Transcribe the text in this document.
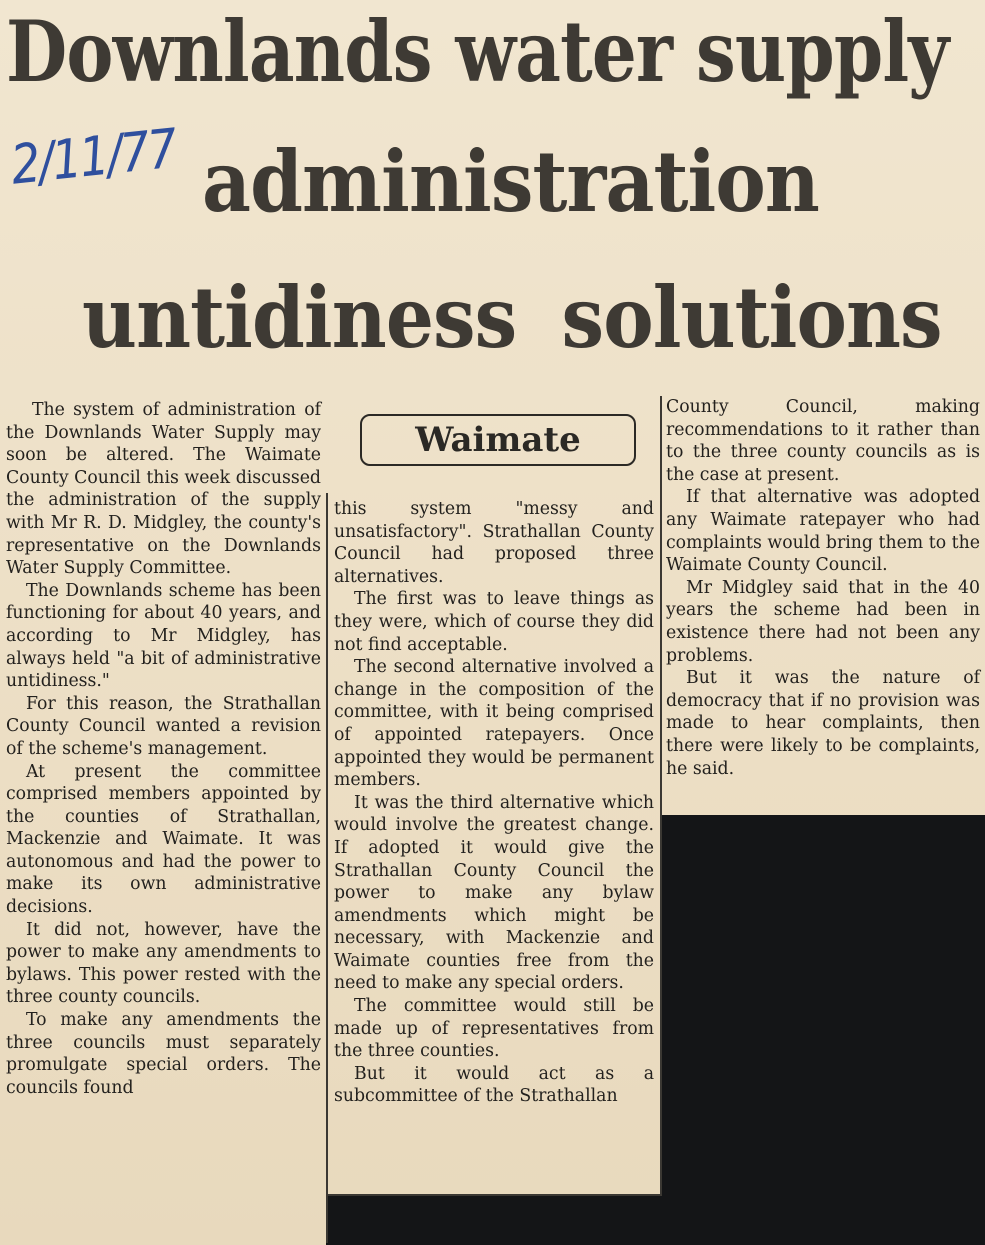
Downlands water supply
administration
untidiness solutions
2/11/77
Waimate

The system of administration of the Downlands Water Supply may soon be altered. The Waimate County Council this week discussed the administration of the supply with Mr R. D. Midgley, the county's representative on the Downlands Water Supply Committee.

The Downlands scheme has been functioning for about 40 years, and according to Mr Midgley, has always held "a bit of administrative untidiness."

For this reason, the Strathallan County Council wanted a revision of the scheme's management.

At present the committee comprised members appointed by the counties of Strathallan, Mackenzie and Waimate. It was autonomous and had the power to make its own administrative decisions.

It did not, however, have the power to make any amendments to bylaws. This power rested with the three county councils.

To make any amendments the three councils must separately promulgate special orders. The councils found

this system "messy and unsatisfactory". Strathallan County Council had proposed three alternatives.

The first was to leave things as they were, which of course they did not find acceptable.

The second alternative involved a change in the composition of the committee, with it being comprised of appointed ratepayers. Once appointed they would be permanent members.

It was the third alternative which would involve the greatest change. If adopted it would give the Strathallan County Council the power to make any bylaw amendments which might be necessary, with Mackenzie and Waimate counties free from the need to make any special orders.

The committee would still be made up of representatives from the three counties.

But it would act as a subcommittee of the Strathallan

County Council, making recommendations to it rather than to the three county councils as is the case at present.

If that alternative was adopted any Waimate ratepayer who had complaints would bring them to the Waimate County Council.

Mr Midgley said that in the 40 years the scheme had been in existence there had not been any problems.

But it was the nature of democracy that if no provision was made to hear complaints, then there were likely to be complaints, he said.
